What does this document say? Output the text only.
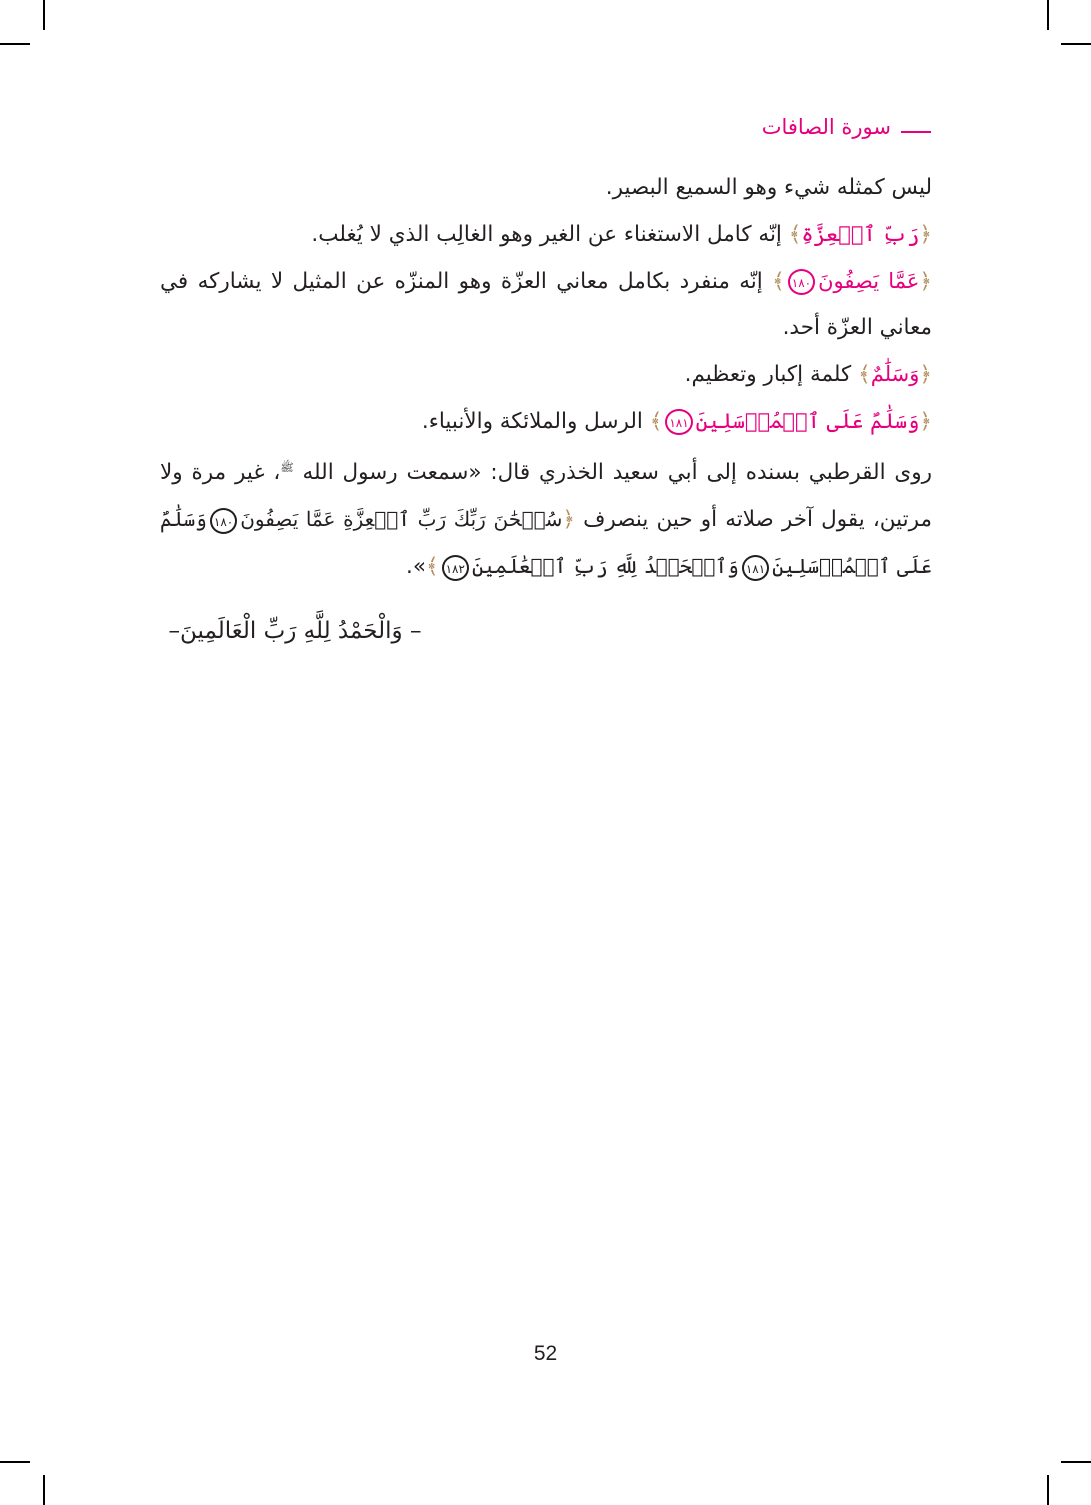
سورة الصافات

ليس كمثله شيء وهو السميع البصير.

﴿رَبِّ ٱلۡعِزَّةِ﴾ إنّه كامل الاستغناء عن الغير وهو الغالِب الذي لا يُغلب.

﴿عَمَّا يَصِفُونَ١٨٠﴾ إنّه منفرد بكامل معاني العزّة وهو المنزّه عن المثيل لا يشاركه في معاني العزّة أحد.

﴿وَسَلَٰمٌ﴾ كلمة إكبار وتعظيم.

﴿وَسَلَٰمٌ عَلَى ٱلۡمُرۡسَلِينَ١٨١﴾ الرسل والملائكة والأنبياء.

روى القرطبي بسنده إلى أبي سعيد الخذري قال: «سمعت رسول الله $^ﷺ$، غير مرة ولا مرتين، يقول آخر صلاته أو حين ينصرف ﴿سُبۡحَٰنَ رَبِّكَ رَبِّ ٱلۡعِزَّةِ عَمَّا يَصِفُونَ١٨٠وَسَلَٰمٌ عَلَى ٱلۡمُرۡسَلِينَ١٨١وَٱلۡحَمۡدُ لِلَّهِ رَبِّ ٱلۡعَٰلَمِينَ١٨٢﴾».

– وَالْحَمْدُ لِلَّهِ رَبِّ الْعَالَمِينَ–
52
